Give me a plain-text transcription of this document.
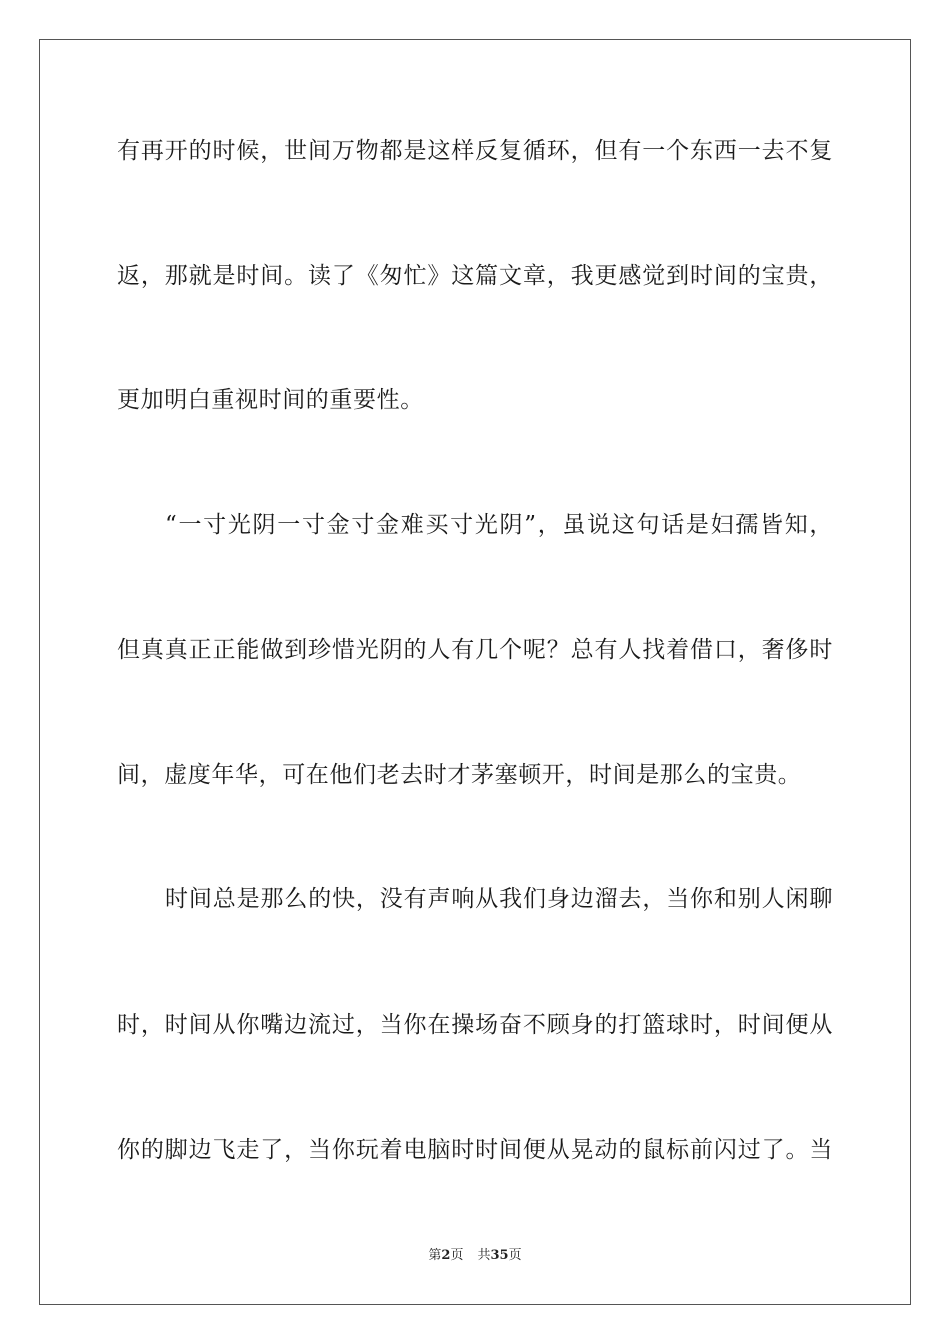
有再开的时候，世间万物都是这样反复循环，但有一个东西一去不复
返，那就是时间。读了《匆忙》这篇文章，我更感觉到时间的宝贵，
更加明白重视时间的重要性。
“一寸光阴一寸金寸金难买寸光阴”，虽说这句话是妇孺皆知，
但真真正正能做到珍惜光阴的人有几个呢？总有人找着借口，奢侈时
间，虚度年华，可在他们老去时才茅塞顿开，时间是那么的宝贵。
时间总是那么的快，没有声响从我们身边溜去，当你和别人闲聊
时，时间从你嘴边流过，当你在操场奋不顾身的打篮球时，时间便从
你的脚边飞走了，当你玩着电脑时时间便从晃动的鼠标前闪过了。当
第2页 共35页
